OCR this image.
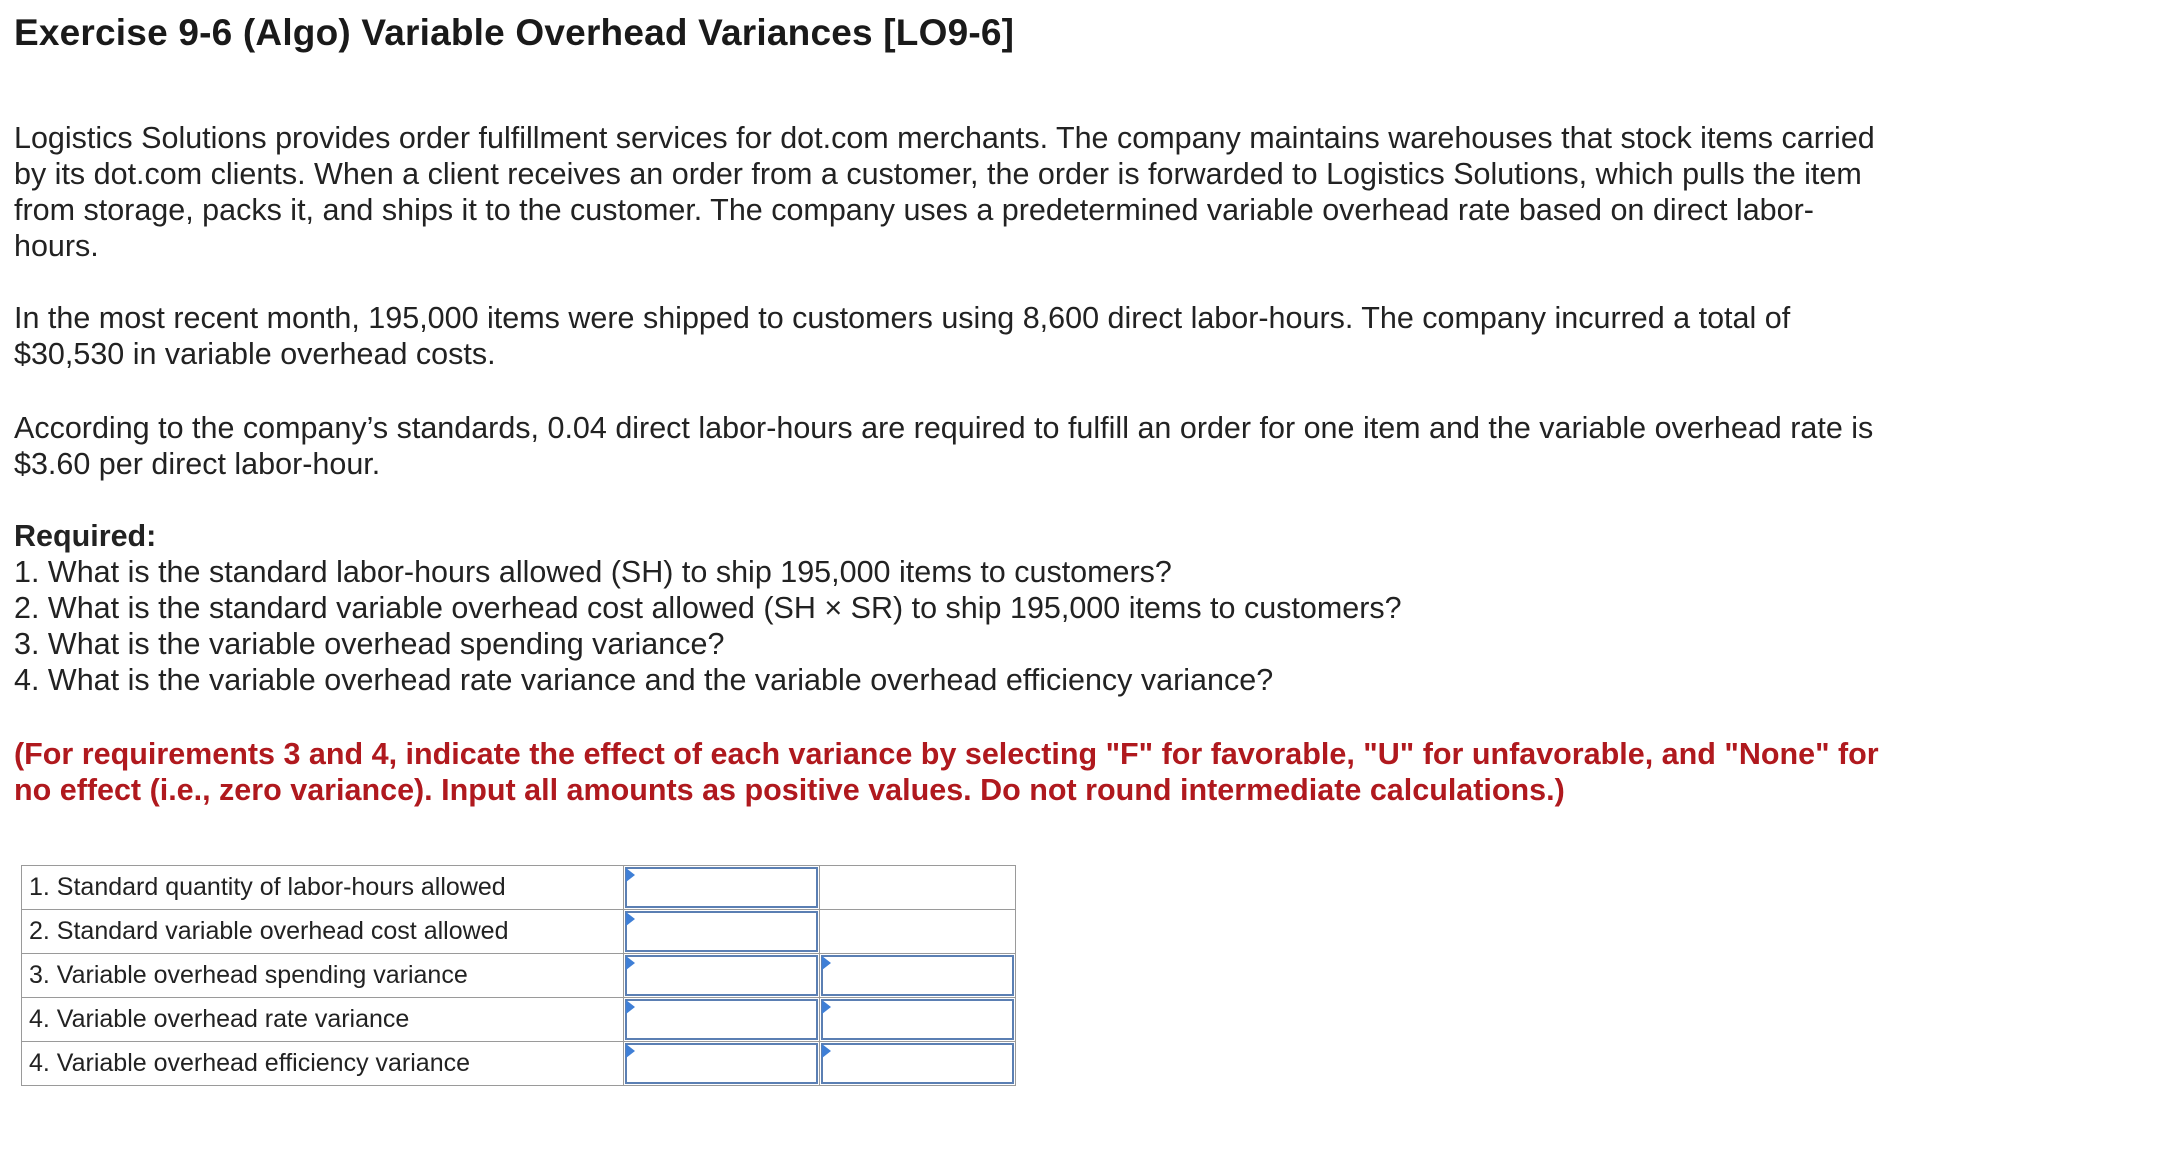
Exercise 9-6 (Algo) Variable Overhead Variances [LO9-6]

Logistics Solutions provides order fulfillment services for dot.com merchants. The company maintains warehouses that stock items carried by its dot.com clients. When a client receives an order from a customer, the order is forwarded to Logistics Solutions, which pulls the item from storage, packs it, and ships it to the customer. The company uses a predetermined variable overhead rate based on direct labor-hours.

In the most recent month, 195,000 items were shipped to customers using 8,600 direct labor-hours. The company incurred a total of $30,530 in variable overhead costs.

According to the company’s standards, 0.04 direct labor-hours are required to fulfill an order for one item and the variable overhead rate is $3.60 per direct labor-hour.

Required:
1. What is the standard labor-hours allowed (SH) to ship 195,000 items to customers?
2. What is the standard variable overhead cost allowed (SH × SR) to ship 195,000 items to customers?
3. What is the variable overhead spending variance?
4. What is the variable overhead rate variance and the variable overhead efficiency variance?

(For requirements 3 and 4, indicate the effect of each variance by selecting "F" for favorable, "U" for unfavorable, and "None" for no effect (i.e., zero variance). Input all amounts as positive values. Do not round intermediate calculations.)

1. Standard quantity of labor-hours allowed	

2. Standard variable overhead cost allowed	

3. Variable overhead spending variance	

4. Variable overhead rate variance	

4. Variable overhead efficiency variance	
